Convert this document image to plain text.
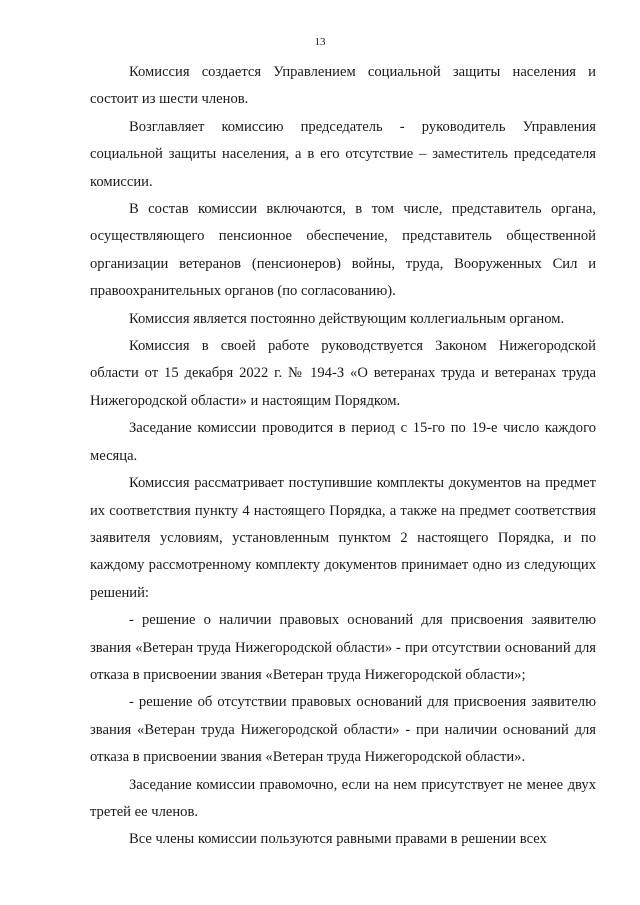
13

Комиссия создается Управлением социальной защиты населения и состоит из шести членов.

Возглавляет комиссию председатель - руководитель Управления социальной защиты населения, а в его отсутствие – заместитель председателя комиссии.

В состав комиссии включаются, в том числе, представитель органа, осуществляющего пенсионное обеспечение, представитель общественной организации ветеранов (пенсионеров) войны, труда, Вооруженных Сил и правоохранительных органов (по согласованию).

Комиссия является постоянно действующим коллегиальным органом.

Комиссия в своей работе руководствуется Законом Нижегородской области от 15 декабря 2022 г. № 194-З «О ветеранах труда и ветеранах труда Нижегородской области» и настоящим Порядком.

Заседание комиссии проводится в период с 15-го по 19-е число каждого месяца.

Комиссия рассматривает поступившие комплекты документов на предмет их соответствия пункту 4 настоящего Порядка, а также на предмет соответствия заявителя условиям, установленным пунктом 2 настоящего Порядка, и по каждому рассмотренному комплекту документов принимает одно из следующих решений:

- решение о наличии правовых оснований для присвоения заявителю звания «Ветеран труда Нижегородской области» - при отсутствии оснований для отказа в присвоении звания «Ветеран труда Нижегородской области»;

- решение об отсутствии правовых оснований для присвоения заявителю звания «Ветеран труда Нижегородской области» - при наличии оснований для отказа в присвоении звания «Ветеран труда Нижегородской области».

Заседание комиссии правомочно, если на нем присутствует не менее двух третей ее членов.

Все члены комиссии пользуются равными правами в решении всех
